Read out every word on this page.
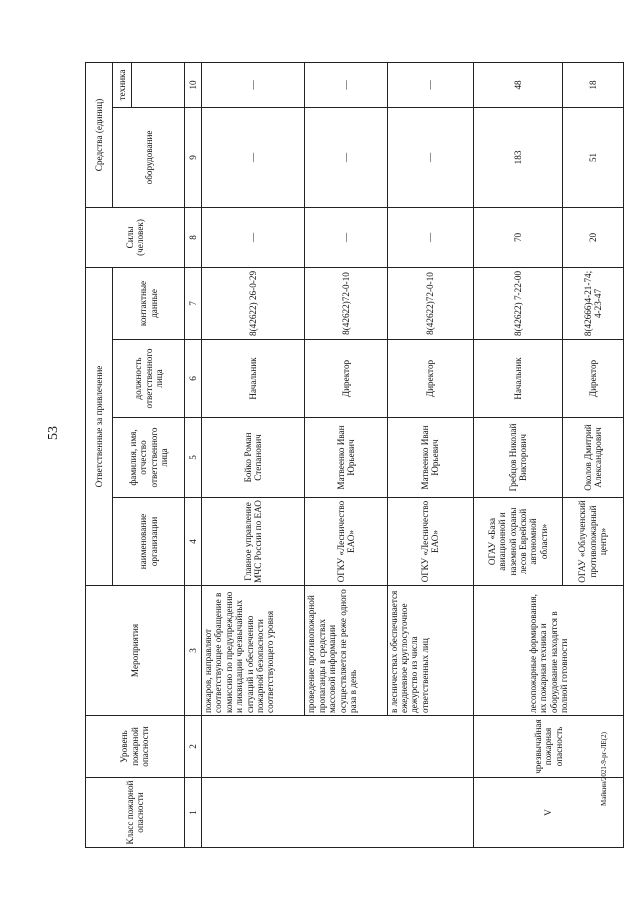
53
Майкин/2021-9-рг-ЛЕ(2)
Класс пожарной опасности	Уровень пожарной опасности	Мероприятия	Ответственные за привлечение				Силы (человек)	Средства (единиц)	
			наименование организации	фамилия, имя, отчество ответственного лица	должность ответственного лица	контактные данные		оборудование	техника

1	2	3	4	5	6	7	8	9	10
		пожаров, направляют соответствующее обращение в комиссию по предупреждению и ликвидации чрезвычайных ситуаций и обеспечению пожарной безопасности соответствующего уровня	Главное управление МЧС России по ЕАО	Бойко Роман Степанович	Начальник	8(42622) 26-0-29	—	—	—
		проведение противопожарной пропаганды в средствах массовой информации осуществляется не реже одного раза в день	ОГКУ «Лесничество ЕАО»	Матвеенко Иван Юрьевич	Директор	8(42622)72-0-10	—	—	—
		в лесничествах обеспечивается ежедневное круглосуточное дежурство из числа ответственных лиц	ОГКУ «Лесничество ЕАО»	Матвеенко Иван Юрьевич	Директор	8(42622)72-0-10	—	—	—
V	чрезвычайная пожарная опасность	лесопожарные формирования, их пожарная техника и оборудование находятся в полной готовности	ОГАУ «База авиационной и наземной охраны лесов Еврейской автономной области»	Гребцов Николай Викторович	Начальник	8(42622) 7-22-00	70	183	48
			ОГАУ «Облученский противопожарный центр»	Околов Дмитрий Александрович	Директор	8(42666)4-21-74; 4-23-47	20	51	18
